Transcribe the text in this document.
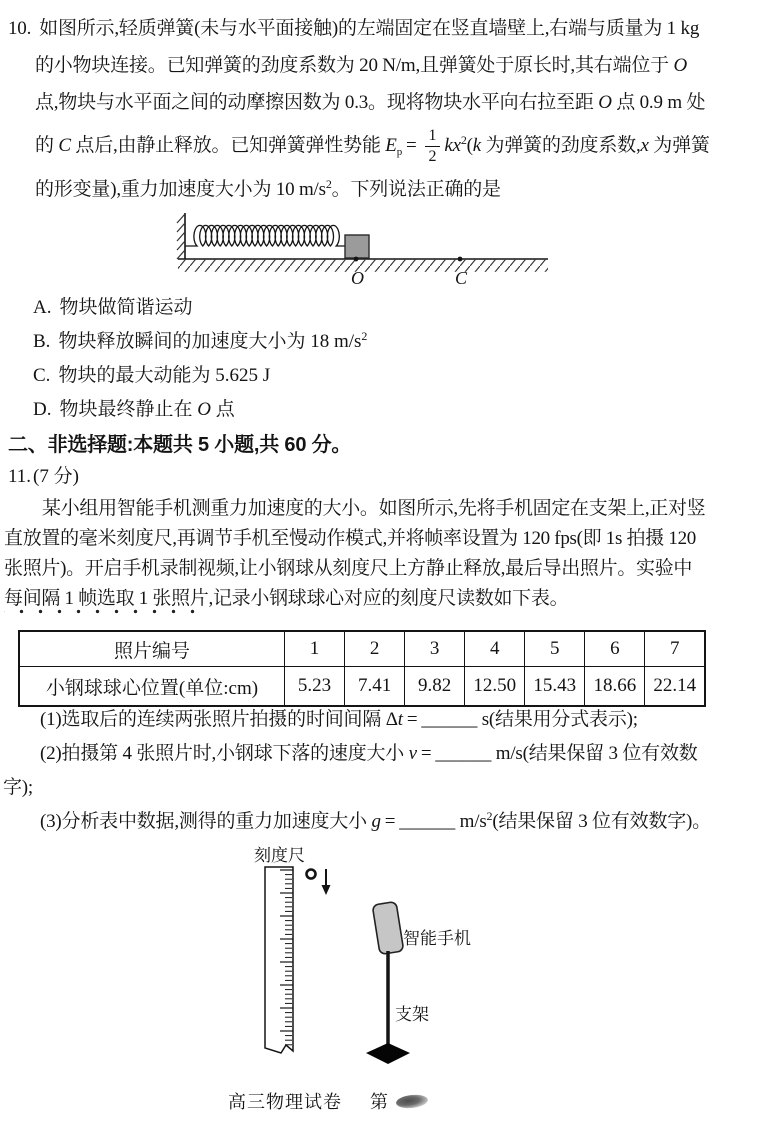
10. 如图所示,轻质弹簧(未与水平面接触)的左端固定在竖直墙壁上,右端与质量为 1 kg
的小物块连接。已知弹簧的劲度系数为 20 N/m,且弹簧处于原长时,其右端位于 O
点,物块与水平面之间的动摩擦因数为 0.3。现将物块水平向右拉至距 O 点 0.9 m 处
的 C 点后,由静止释放。已知弹簧弹性势能 $E_p = \frac{1}{2} kx^2(k$ 为弹簧的劲度系数,x 为弹簧
的形变量),重力加速度大小为 10 $m/s^2$。下列说法正确的是
O	C
A. 物块做简谐运动
B. 物块释放瞬间的加速度大小为 18 $m/s^2$
C. 物块的最大动能为 5.625 J
D. 物块最终静止在 O 点
二、非选择题:本题共 5 小题,共 60 分。
11. (7 分)
某小组用智能手机测重力加速度的大小。如图所示,先将手机固定在支架上,正对竖
直放置的毫米刻度尺,再调节手机至慢动作模式,并将帧率设置为 120 fps(即 1s 拍摄 120
张照片)。开启手机录制视频,让小钢球从刻度尺上方静止释放,最后导出照片。实验中
每间隔 1 帧选取 1 张照片,记录小钢球球心对应的刻度尺读数如下表。
照片编号	1	2	3	4	5	6	7
小钢球球心位置(单位:cm)	5.23	7.41	9.82	12.50	15.43	18.66	22.14
(1)选取后的连续两张照片拍摄的时间间隔 Δt = ______ s(结果用分式表示);
(2)拍摄第 4 张照片时,小钢球下落的速度大小 v = ______ m/s(结果保留 3 位有效数
字);
(3)分析表中数据,测得的重力加速度大小 g = ______ $m/s^2$(结果保留 3 位有效数字)。
刻度尺
智能手机
支架
高三物理试卷 第
